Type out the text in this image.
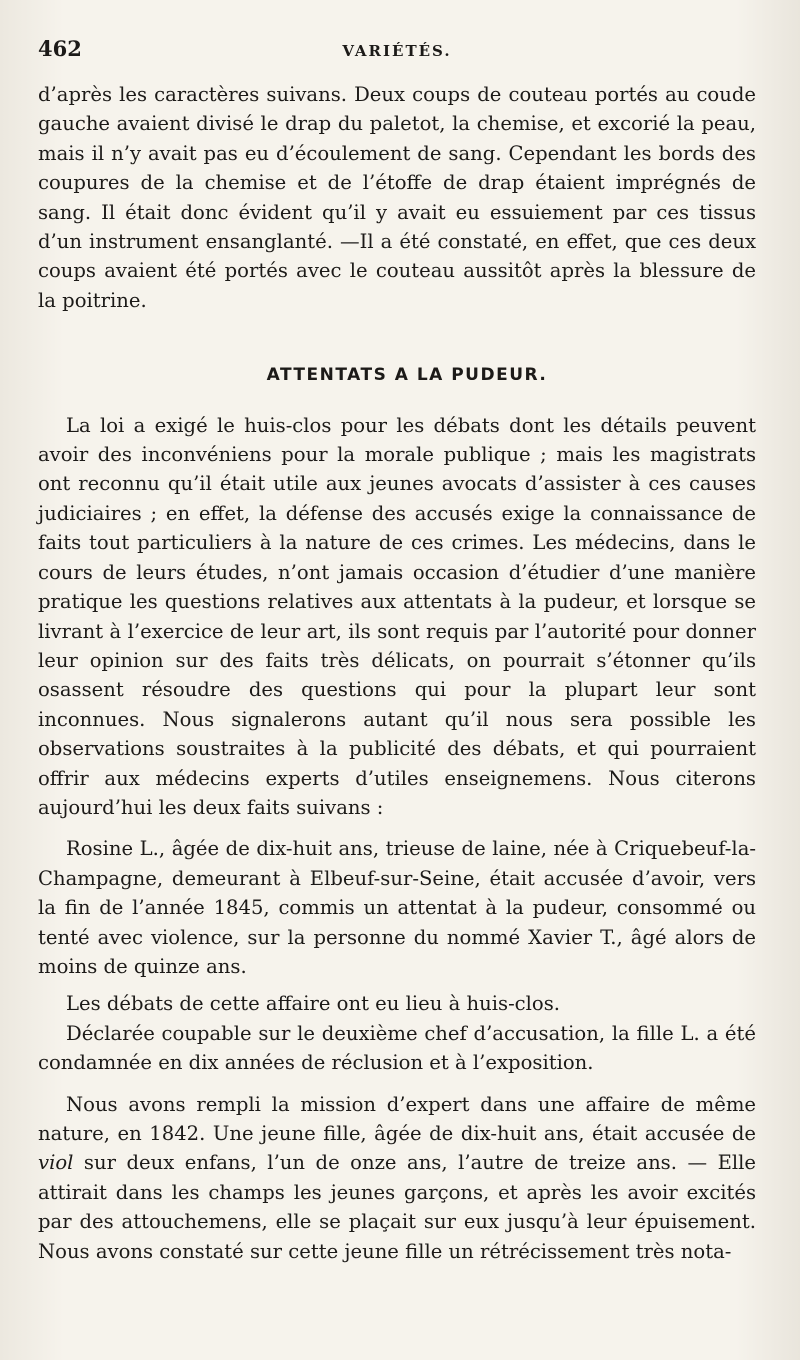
462	VARIÉTÉS.

d’après les caractères suivans. Deux coups de couteau portés au coude gauche avaient divisé le drap du paletot, la chemise, et excorié la peau, mais il n’y avait pas eu d’écoulement de sang. Cependant les bords des coupures de la chemise et de l’étoffe de drap étaient imprégnés de sang. Il était donc évident qu’il y avait eu essuiement par ces tissus d’un instrument ensanglanté. —Il a été constaté, en effet, que ces deux coups avaient été portés avec le couteau aussitôt après la blessure de la poitrine.

ATTENTATS A LA PUDEUR.

La loi a exigé le huis-clos pour les débats dont les détails peuvent avoir des inconvéniens pour la morale publique ; mais les magistrats ont reconnu qu’il était utile aux jeunes avocats d’assister à ces causes judiciaires ; en effet, la défense des accusés exige la connaissance de faits tout particuliers à la nature de ces crimes. Les médecins, dans le cours de leurs études, n’ont jamais occasion d’étudier d’une manière pratique les questions relatives aux attentats à la pudeur, et lorsque se livrant à l’exercice de leur art, ils sont requis par l’autorité pour donner leur opinion sur des faits très délicats, on pourrait s’étonner qu’ils osassent résoudre des questions qui pour la plupart leur sont inconnues. Nous signalerons autant qu’il nous sera possible les observations soustraites à la publicité des débats, et qui pourraient offrir aux médecins experts d’utiles enseignemens. Nous citerons aujourd’hui les deux faits suivans :

Rosine L., âgée de dix-huit ans, trieuse de laine, née à Criquebeuf-la-Champagne, demeurant à Elbeuf-sur-Seine, était accusée d’avoir, vers la fin de l’année 1845, commis un attentat à la pudeur, consommé ou tenté avec violence, sur la personne du nommé Xavier T., âgé alors de moins de quinze ans.

Les débats de cette affaire ont eu lieu à huis-clos.

Déclarée coupable sur le deuxième chef d’accusation, la fille L. a été condamnée en dix années de réclusion et à l’exposition.

Nous avons rempli la mission d’expert dans une affaire de même nature, en 1842. Une jeune fille, âgée de dix-huit ans, était accusée de viol sur deux enfans, l’un de onze ans, l’autre de treize ans. — Elle attirait dans les champs les jeunes garçons, et après les avoir excités par des attouchemens, elle se plaçait sur eux jusqu’à leur épuisement. Nous avons constaté sur cette jeune fille un rétrécissement très nota-
